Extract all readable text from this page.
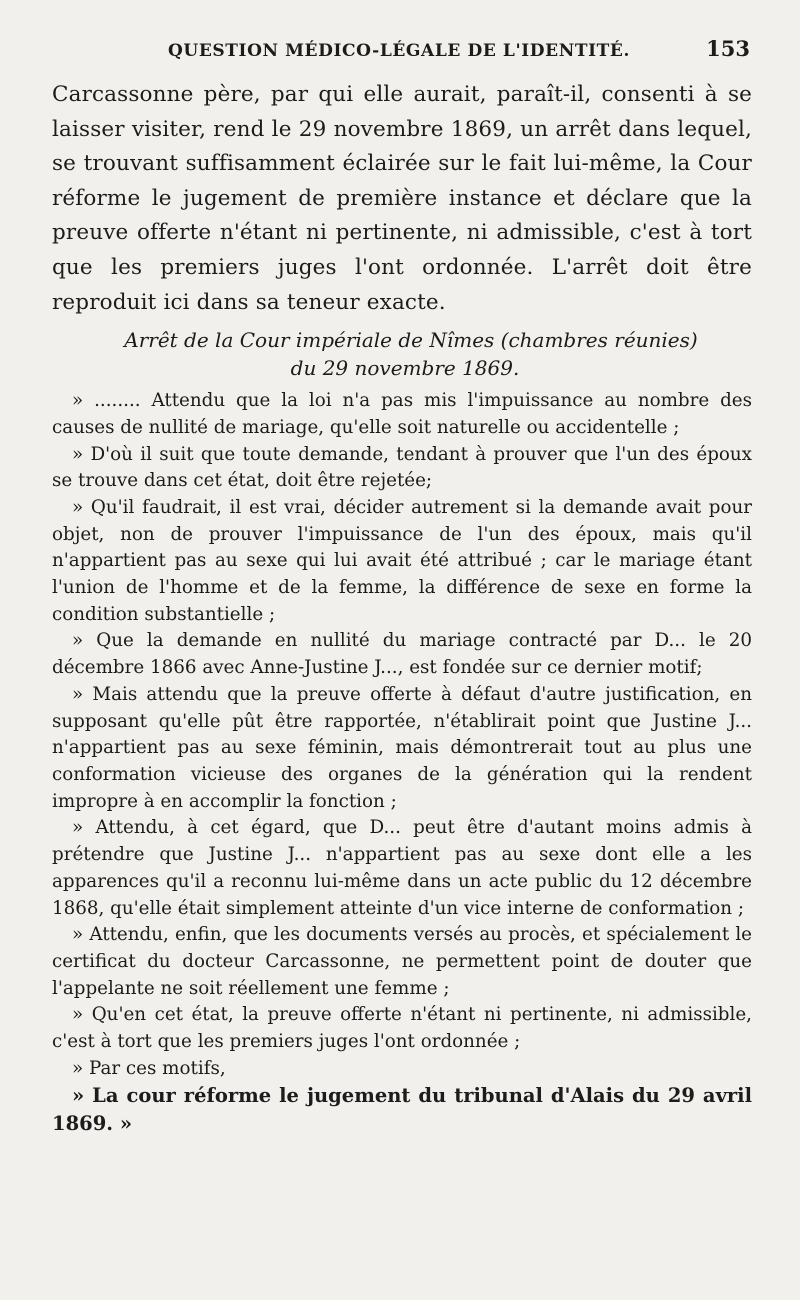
QUESTION MÉDICO-LÉGALE DE L'IDENTITÉ.	153

Carcassonne père, par qui elle aurait, paraît-il, consenti à se laisser visiter, rend le 29 novembre 1869, un arrêt dans lequel, se trouvant suffisamment éclairée sur le fait lui-même, la Cour réforme le jugement de première instance et déclare que la preuve offerte n'étant ni pertinente, ni admissible, c'est à tort que les premiers juges l'ont ordonnée. L'arrêt doit être reproduit ici dans sa teneur exacte.

Arrêt de la Cour impériale de Nîmes (chambres réunies)
du 29 novembre 1869.

» ........ Attendu que la loi n'a pas mis l'impuissance au nombre des causes de nullité de mariage, qu'elle soit naturelle ou accidentelle ;

» D'où il suit que toute demande, tendant à prouver que l'un des époux se trouve dans cet état, doit être rejetée;

» Qu'il faudrait, il est vrai, décider autrement si la demande avait pour objet, non de prouver l'impuissance de l'un des époux, mais qu'il n'appartient pas au sexe qui lui avait été attribué ; car le mariage étant l'union de l'homme et de la femme, la différence de sexe en forme la condition substantielle ;

» Que la demande en nullité du mariage contracté par D... le 20 décembre 1866 avec Anne-Justine J..., est fondée sur ce dernier motif;

» Mais attendu que la preuve offerte à défaut d'autre justification, en supposant qu'elle pût être rapportée, n'établirait point que Justine J... n'appartient pas au sexe féminin, mais démontrerait tout au plus une conformation vicieuse des organes de la génération qui la rendent impropre à en accomplir la fonction ;

» Attendu, à cet égard, que D... peut être d'autant moins admis à prétendre que Justine J... n'appartient pas au sexe dont elle a les apparences qu'il a reconnu lui-même dans un acte public du 12 décembre 1868, qu'elle était simplement atteinte d'un vice interne de conformation ;

» Attendu, enfin, que les documents versés au procès, et spécialement le certificat du docteur Carcassonne, ne permettent point de douter que l'appelante ne soit réellement une femme ;

» Qu'en cet état, la preuve offerte n'étant ni pertinente, ni admissible, c'est à tort que les premiers juges l'ont ordonnée ;

» Par ces motifs,

» La cour réforme le jugement du tribunal d'Alais du 29 avril 1869. »
